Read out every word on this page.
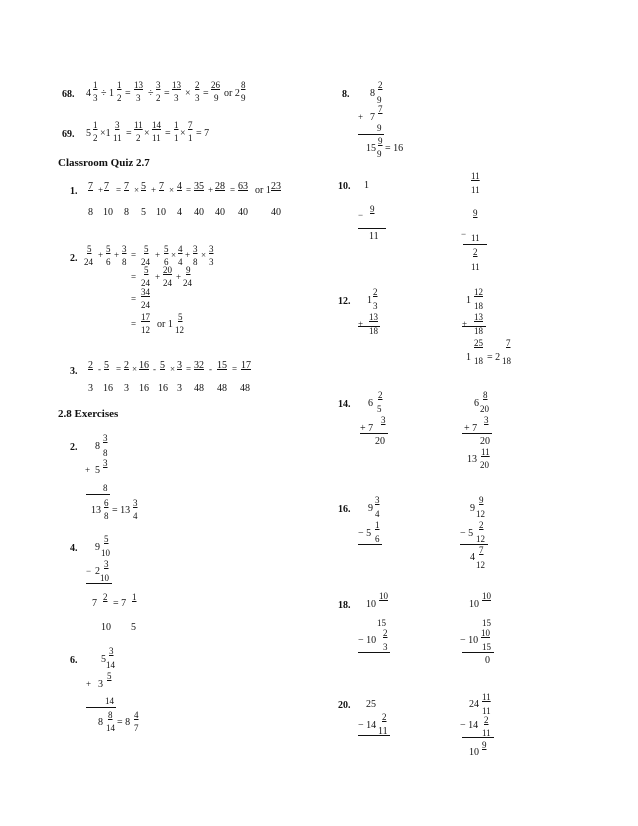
68. 4
1
3 ÷ 1
1
2 =
13
3 ÷
3
2 =
13
3 ×
2
3 =
26
9 or 2
8
9
69. 5
1
2 ×1
3
11 =
11
2 ×
14
11 =
1
1 ×
7
1 = 7
Classroom Quiz 2.7
1. 7 + 7 = 7 × 5 + 7 × 4 = 35 + 28 = 63 or 1 23
8 10 8 5 10 4 40 40 40 40
2.
5
24
+
5
6
+
3
8
=
5
24
+
5
6
×
4
4
+
3
8
×
3
3
=
5
24
+
20
24
+
9
24
=
34
24
=
17
12 or 1
5
12
3.
2 - 5 = 2 × 16 - 5 × 3 = 32 - 15 = 17
3 16 3 16 16 3 48 48 48
2.8 Exercises
2. 8
3
8
+ 5
3
8
13
6
8 = 13
3
4
4. 9
5
10
− 2
3
10
7
2
= 7
1
10 5
6. 5
3
14
+ 3
5
14
8
8
14 = 8
4
7
8. 8
2
9
+ 7
7
9
15
9
9 = 16
10. 1
−
9
11
11
11
9
− 11
2
11
12. 1
2
3
+
13
18
1
12
18
+
13
18
1
25
18 = 2
7
18
14. 6
2
5
+ 7
3
20
6
8
20
+ 7
3
20
13
11
20
16. 9
3
4
− 5
1
6
9
9
12
− 5
2
12
4
7
12
18. 10
10
15
− 10
2
3
10
10
15
− 10
10
15
0
20. 25
− 14
2
11
24
11
11
− 14 2
11
10
9
